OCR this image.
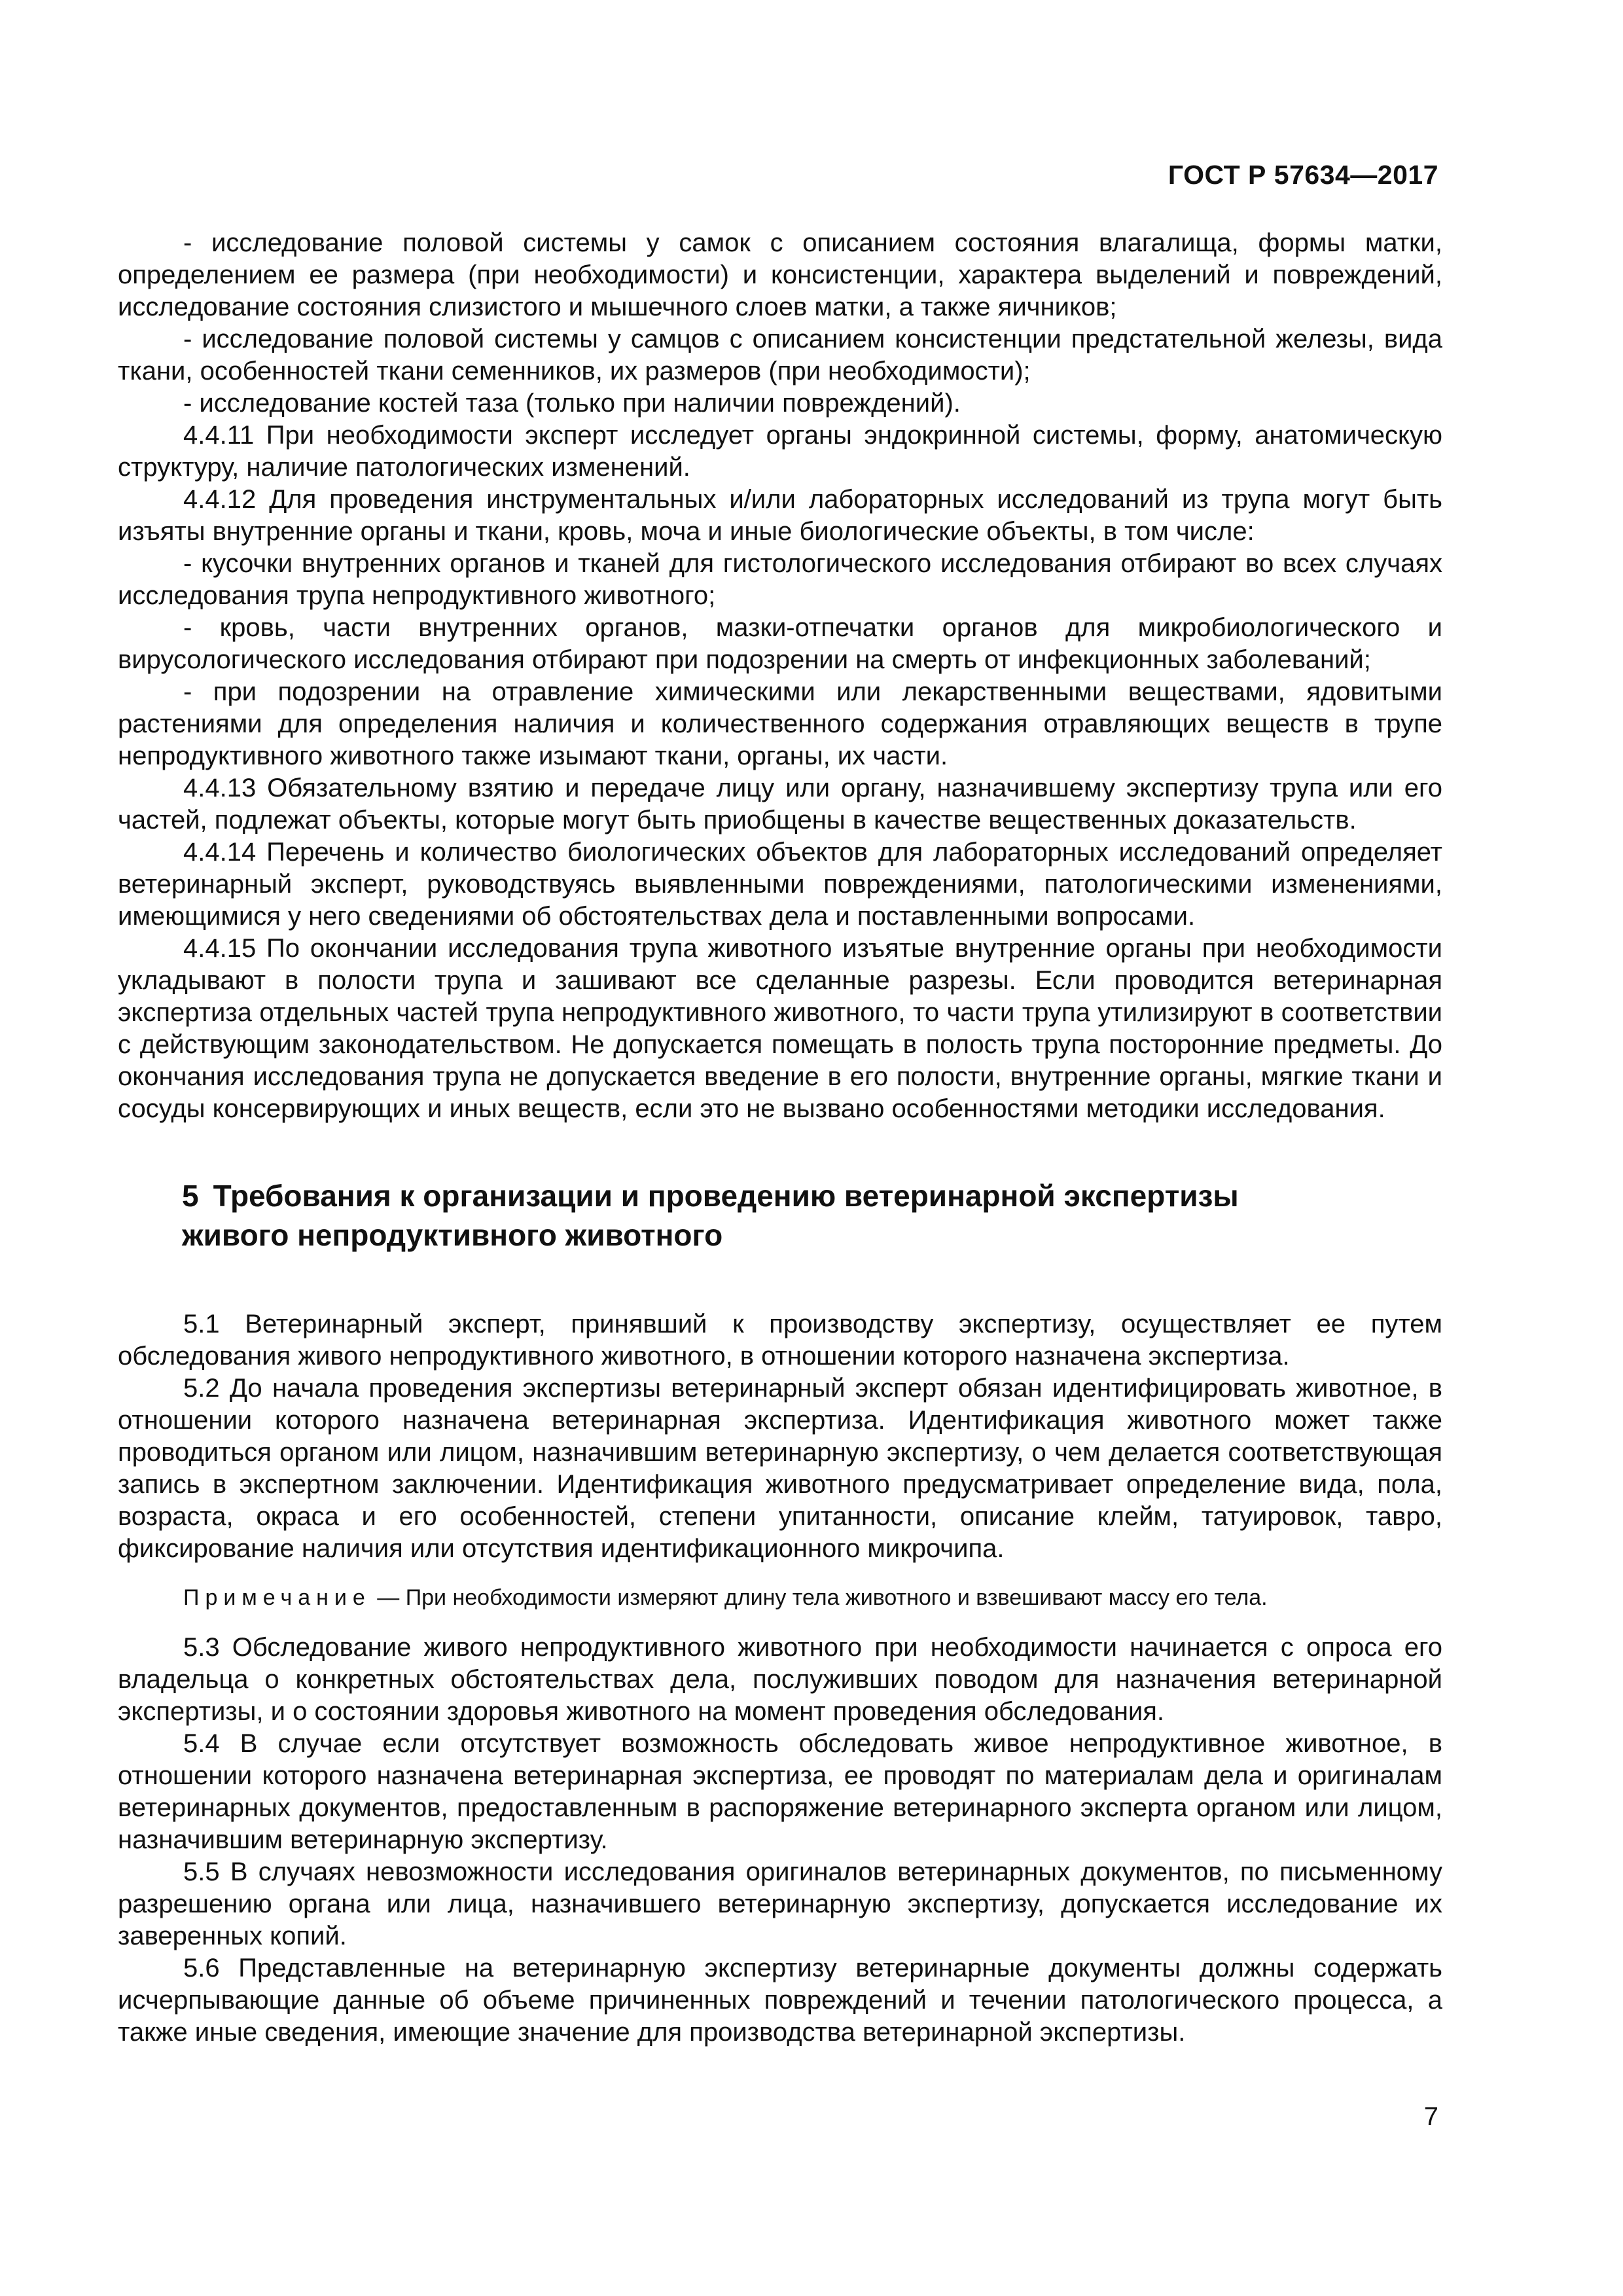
ГОСТ Р 57634—2017

- исследование половой системы у самок с описанием состояния влагалища, формы матки, определением ее размера (при необходимости) и консистенции, характера выделений и повреждений, исследование состояния слизистого и мышечного слоев матки, а также яичников;

- исследование половой системы у самцов с описанием консистенции предстательной железы, вида ткани, особенностей ткани семенников, их размеров (при необходимости);

- исследование костей таза (только при наличии повреждений).

4.4.11 При необходимости эксперт исследует органы эндокринной системы, форму, анатомическую структуру, наличие патологических изменений.

4.4.12 Для проведения инструментальных и/или лабораторных исследований из трупа могут быть изъяты внутренние органы и ткани, кровь, моча и иные биологические объекты, в том числе:

- кусочки внутренних органов и тканей для гистологического исследования отбирают во всех случаях исследования трупа непродуктивного животного;

- кровь, части внутренних органов, мазки-отпечатки органов для микробиологического и вирусологического исследования отбирают при подозрении на смерть от инфекционных заболеваний;

- при подозрении на отравление химическими или лекарственными веществами, ядовитыми растениями для определения наличия и количественного содержания отравляющих веществ в трупе непродуктивного животного также изымают ткани, органы, их части.

4.4.13 Обязательному взятию и передаче лицу или органу, назначившему экспертизу трупа или его частей, подлежат объекты, которые могут быть приобщены в качестве вещественных доказательств.

4.4.14 Перечень и количество биологических объектов для лабораторных исследований определяет ветеринарный эксперт, руководствуясь выявленными повреждениями, патологическими изменениями, имеющимися у него сведениями об обстоятельствах дела и поставленными вопросами.

4.4.15 По окончании исследования трупа животного изъятые внутренние органы при необходимости укладывают в полости трупа и зашивают все сделанные разрезы. Если проводится ветеринарная экспертиза отдельных частей трупа непродуктивного животного, то части трупа утилизируют в соответствии с действующим законодательством. Не допускается помещать в полость трупа посторонние предметы. До окончания исследования трупа не допускается введение в его полости, внутренние органы, мягкие ткани и сосуды консервирующих и иных веществ, если это не вызвано особенностями методики исследования.

5 Требования к организации и проведению ветеринарной экспертизы
живого непродуктивного животного

5.1 Ветеринарный эксперт, принявший к производству экспертизу, осуществляет ее путем обследования живого непродуктивного животного, в отношении которого назначена экспертиза.

5.2 До начала проведения экспертизы ветеринарный эксперт обязан идентифицировать животное, в отношении которого назначена ветеринарная экспертиза. Идентификация животного может также проводиться органом или лицом, назначившим ветеринарную экспертизу, о чем делается соответствующая запись в экспертном заключении. Идентификация животного предусматривает определение вида, пола, возраста, окраса и его особенностей, степени упитанности, описание клейм, татуировок, тавро, фиксирование наличия или отсутствия идентификационного микрочипа.

Примечание — При необходимости измеряют длину тела животного и взвешивают массу его тела.

5.3 Обследование живого непродуктивного животного при необходимости начинается с опроса его владельца о конкретных обстоятельствах дела, послуживших поводом для назначения ветеринарной экспертизы, и о состоянии здоровья животного на момент проведения обследования.

5.4 В случае если отсутствует возможность обследовать живое непродуктивное животное, в отношении которого назначена ветеринарная экспертиза, ее проводят по материалам дела и оригиналам ветеринарных документов, предоставленным в распоряжение ветеринарного эксперта органом или лицом, назначившим ветеринарную экспертизу.

5.5 В случаях невозможности исследования оригиналов ветеринарных документов, по письменному разрешению органа или лица, назначившего ветеринарную экспертизу, допускается исследование их заверенных копий.

5.6 Представленные на ветеринарную экспертизу ветеринарные документы должны содержать исчерпывающие данные об объеме причиненных повреждений и течении патологического процесса, а также иные сведения, имеющие значение для производства ветеринарной экспертизы.

7
